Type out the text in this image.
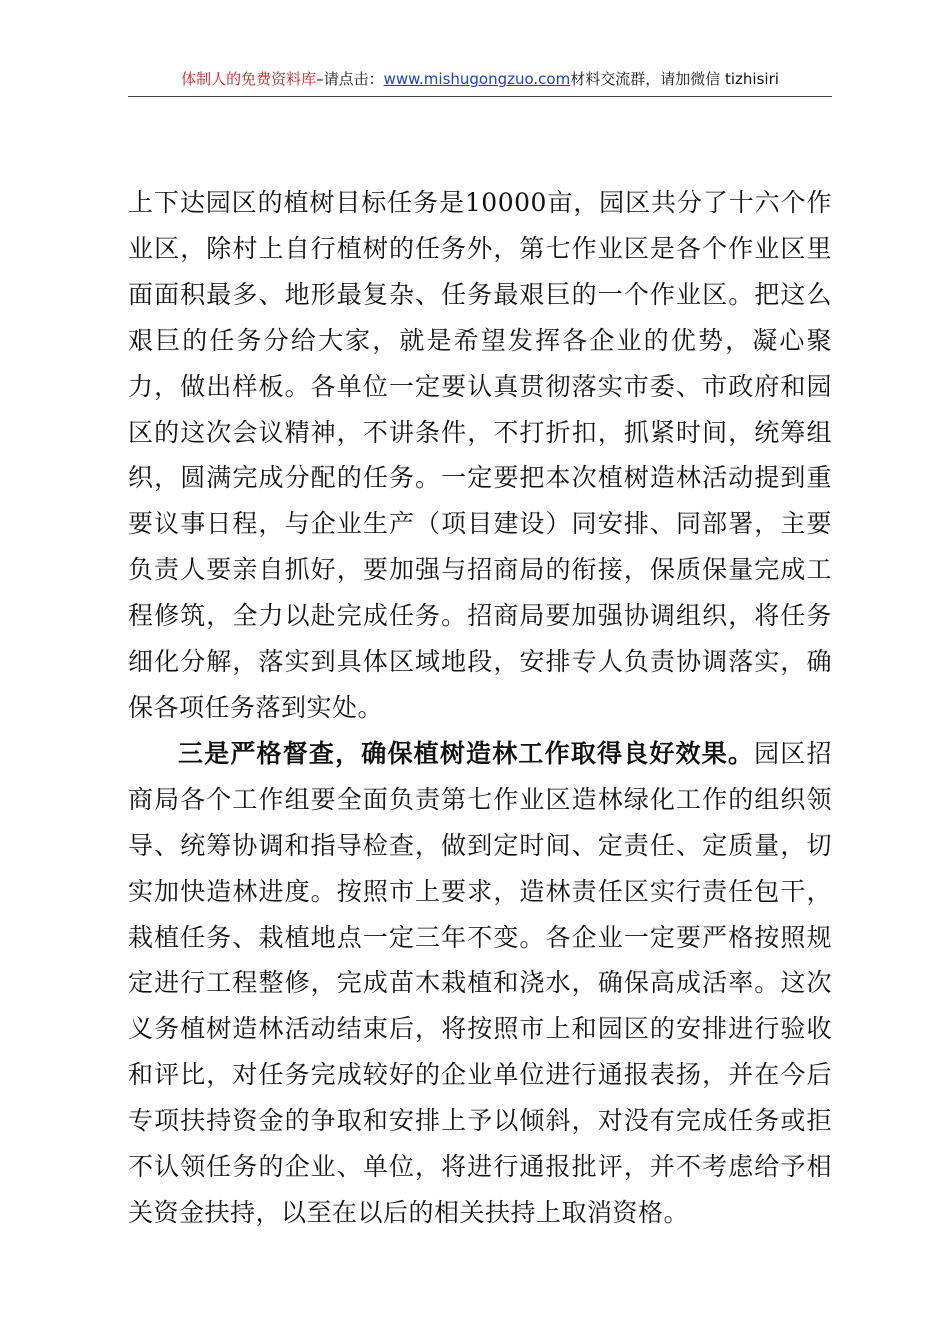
体制人的免费资料库–请点击：www.mishugongzuo.com材料交流群，请加微信 tizhisiri

上下达园区的植树目标任务是10000亩，园区共分了十六个作业区，除村上自行植树的任务外，第七作业区是各个作业区里面面积最多、地形最复杂、任务最艰巨的一个作业区。把这么艰巨的任务分给大家，就是希望发挥各企业的优势，凝心聚力，做出样板。各单位一定要认真贯彻落实市委、市政府和园区的这次会议精神，不讲条件，不打折扣，抓紧时间，统筹组织，圆满完成分配的任务。一定要把本次植树造林活动提到重要议事日程，与企业生产（项目建设）同安排、同部署，主要负责人要亲自抓好，要加强与招商局的衔接，保质保量完成工程修筑，全力以赴完成任务。招商局要加强协调组织，将任务细化分解，落实到具体区域地段，安排专人负责协调落实，确保各项任务落到实处。

三是严格督查，确保植树造林工作取得良好效果。园区招商局各个工作组要全面负责第七作业区造林绿化工作的组织领导、统筹协调和指导检查，做到定时间、定责任、定质量，切实加快造林进度。按照市上要求，造林责任区实行责任包干，栽植任务、栽植地点一定三年不变。各企业一定要严格按照规定进行工程整修，完成苗木栽植和浇水，确保高成活率。这次义务植树造林活动结束后，将按照市上和园区的安排进行验收和评比，对任务完成较好的企业单位进行通报表扬，并在今后专项扶持资金的争取和安排上予以倾斜，对没有完成任务或拒不认领任务的企业、单位，将进行通报批评，并不考虑给予相关资金扶持，以至在以后的相关扶持上取消资格。
